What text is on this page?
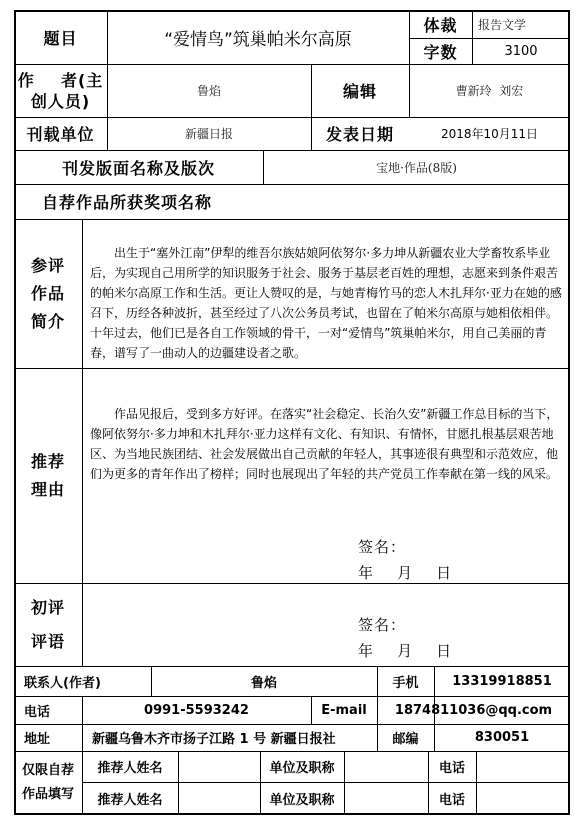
题目	“爱情鸟”筑巢帕米尔高原
体裁	报告文学
字数	3100
作    者(主
创人员)
鲁焰	编辑	曹新玲  刘宏
刊载单位	新疆日报	发表日期	2018年10月11日
刊发版面名称及版次	宝地·作品(8版)
自荐作品所获奖项名称
参评
作品
简介
出生于“塞外江南”伊犁的维吾尔族姑娘阿依努尔·多力坤从新疆农业大学畜牧系毕业后，为实现自己用所学的知识服务于社会、服务于基层老百姓的理想，志愿来到条件艰苦的帕米尔高原工作和生活。更让人赞叹的是，与她青梅竹马的恋人木扎拜尔·亚力在她的感召下，历经各种波折，甚至经过了八次公务员考试，也留在了帕米尔高原与她相依相伴。十年过去，他们已是各自工作领域的骨干，一对“爱情鸟”筑巢帕米尔，用自己美丽的青春，谱写了一曲动人的边疆建设者之歌。
推荐
理由
作品见报后，受到多方好评。在落实“社会稳定、长治久安”新疆工作总目标的当下，像阿依努尔·多力坤和木扎拜尔·亚力这样有文化、有知识、有情怀，甘愿扎根基层艰苦地区、为当地民族团结、社会发展做出自己贡献的年轻人，其事迹很有典型和示范效应，他们为更多的青年作出了榜样；同时也展现出了年轻的共产党员工作奉献在第一线的风采。
签名：
年    月    日
初评
评语
签名：
年    月    日
联系人(作者)	鲁焰	手机	13319918851
电话	0991-5593242	E-mail	1874811036@qq.com
地址	新疆乌鲁木齐市扬子江路 1 号 新疆日报社	邮编	830051
仅限自荐
作品填写
推荐人姓名	单位及职称	电话
推荐人姓名	单位及职称	电话
